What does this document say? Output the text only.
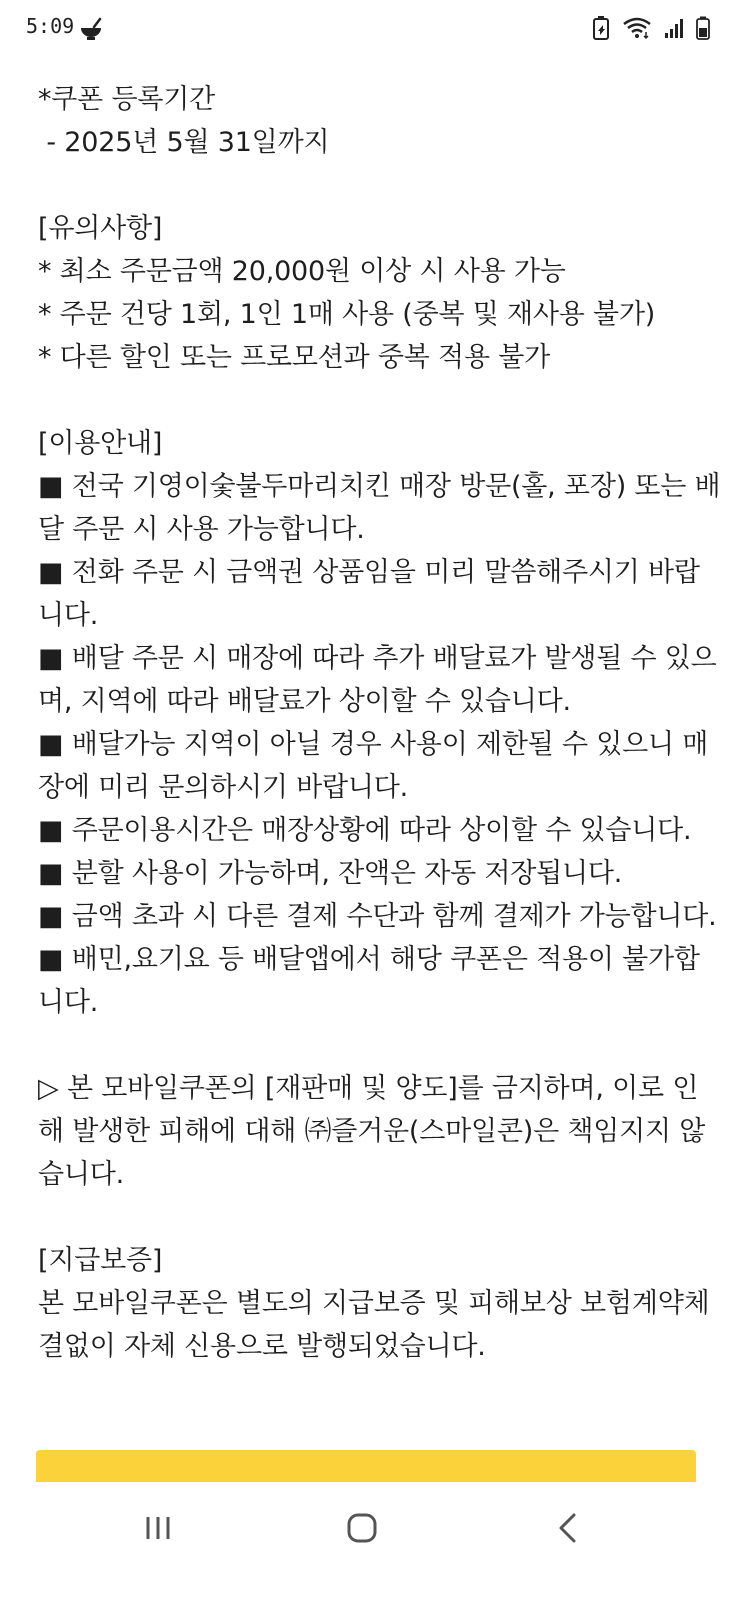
5:09
*쿠폰 등록기간
- 2025년 5월 31일까지
[유의사항]
* 최소 주문금액 20,000원 이상 시 사용 가능
* 주문 건당 1회, 1인 1매 사용 (중복 및 재사용 불가)
* 다른 할인 또는 프로모션과 중복 적용 불가
[이용안내]
■ 전국 기영이숯불두마리치킨 매장 방문(홀, 포장) 또는 배
달 주문 시 사용 가능합니다.
■ 전화 주문 시 금액권 상품임을 미리 말씀해주시기 바랍
니다.
■ 배달 주문 시 매장에 따라 추가 배달료가 발생될 수 있으
며, 지역에 따라 배달료가 상이할 수 있습니다.
■ 배달가능 지역이 아닐 경우 사용이 제한될 수 있으니 매
장에 미리 문의하시기 바랍니다.
■ 주문이용시간은 매장상황에 따라 상이할 수 있습니다.
■ 분할 사용이 가능하며, 잔액은 자동 저장됩니다.
■ 금액 초과 시 다른 결제 수단과 함께 결제가 가능합니다.
■ 배민,요기요 등 배달앱에서 해당 쿠폰은 적용이 불가합
니다.
▷ 본 모바일쿠폰의 [재판매 및 양도]를 금지하며, 이로 인
해 발생한 피해에 대해 ㈜즐거운(스마일콘)은 책임지지 않
습니다.
[지급보증]
본 모바일쿠폰은 별도의 지급보증 및 피해보상 보험계약체
결없이 자체 신용으로 발행되었습니다.
